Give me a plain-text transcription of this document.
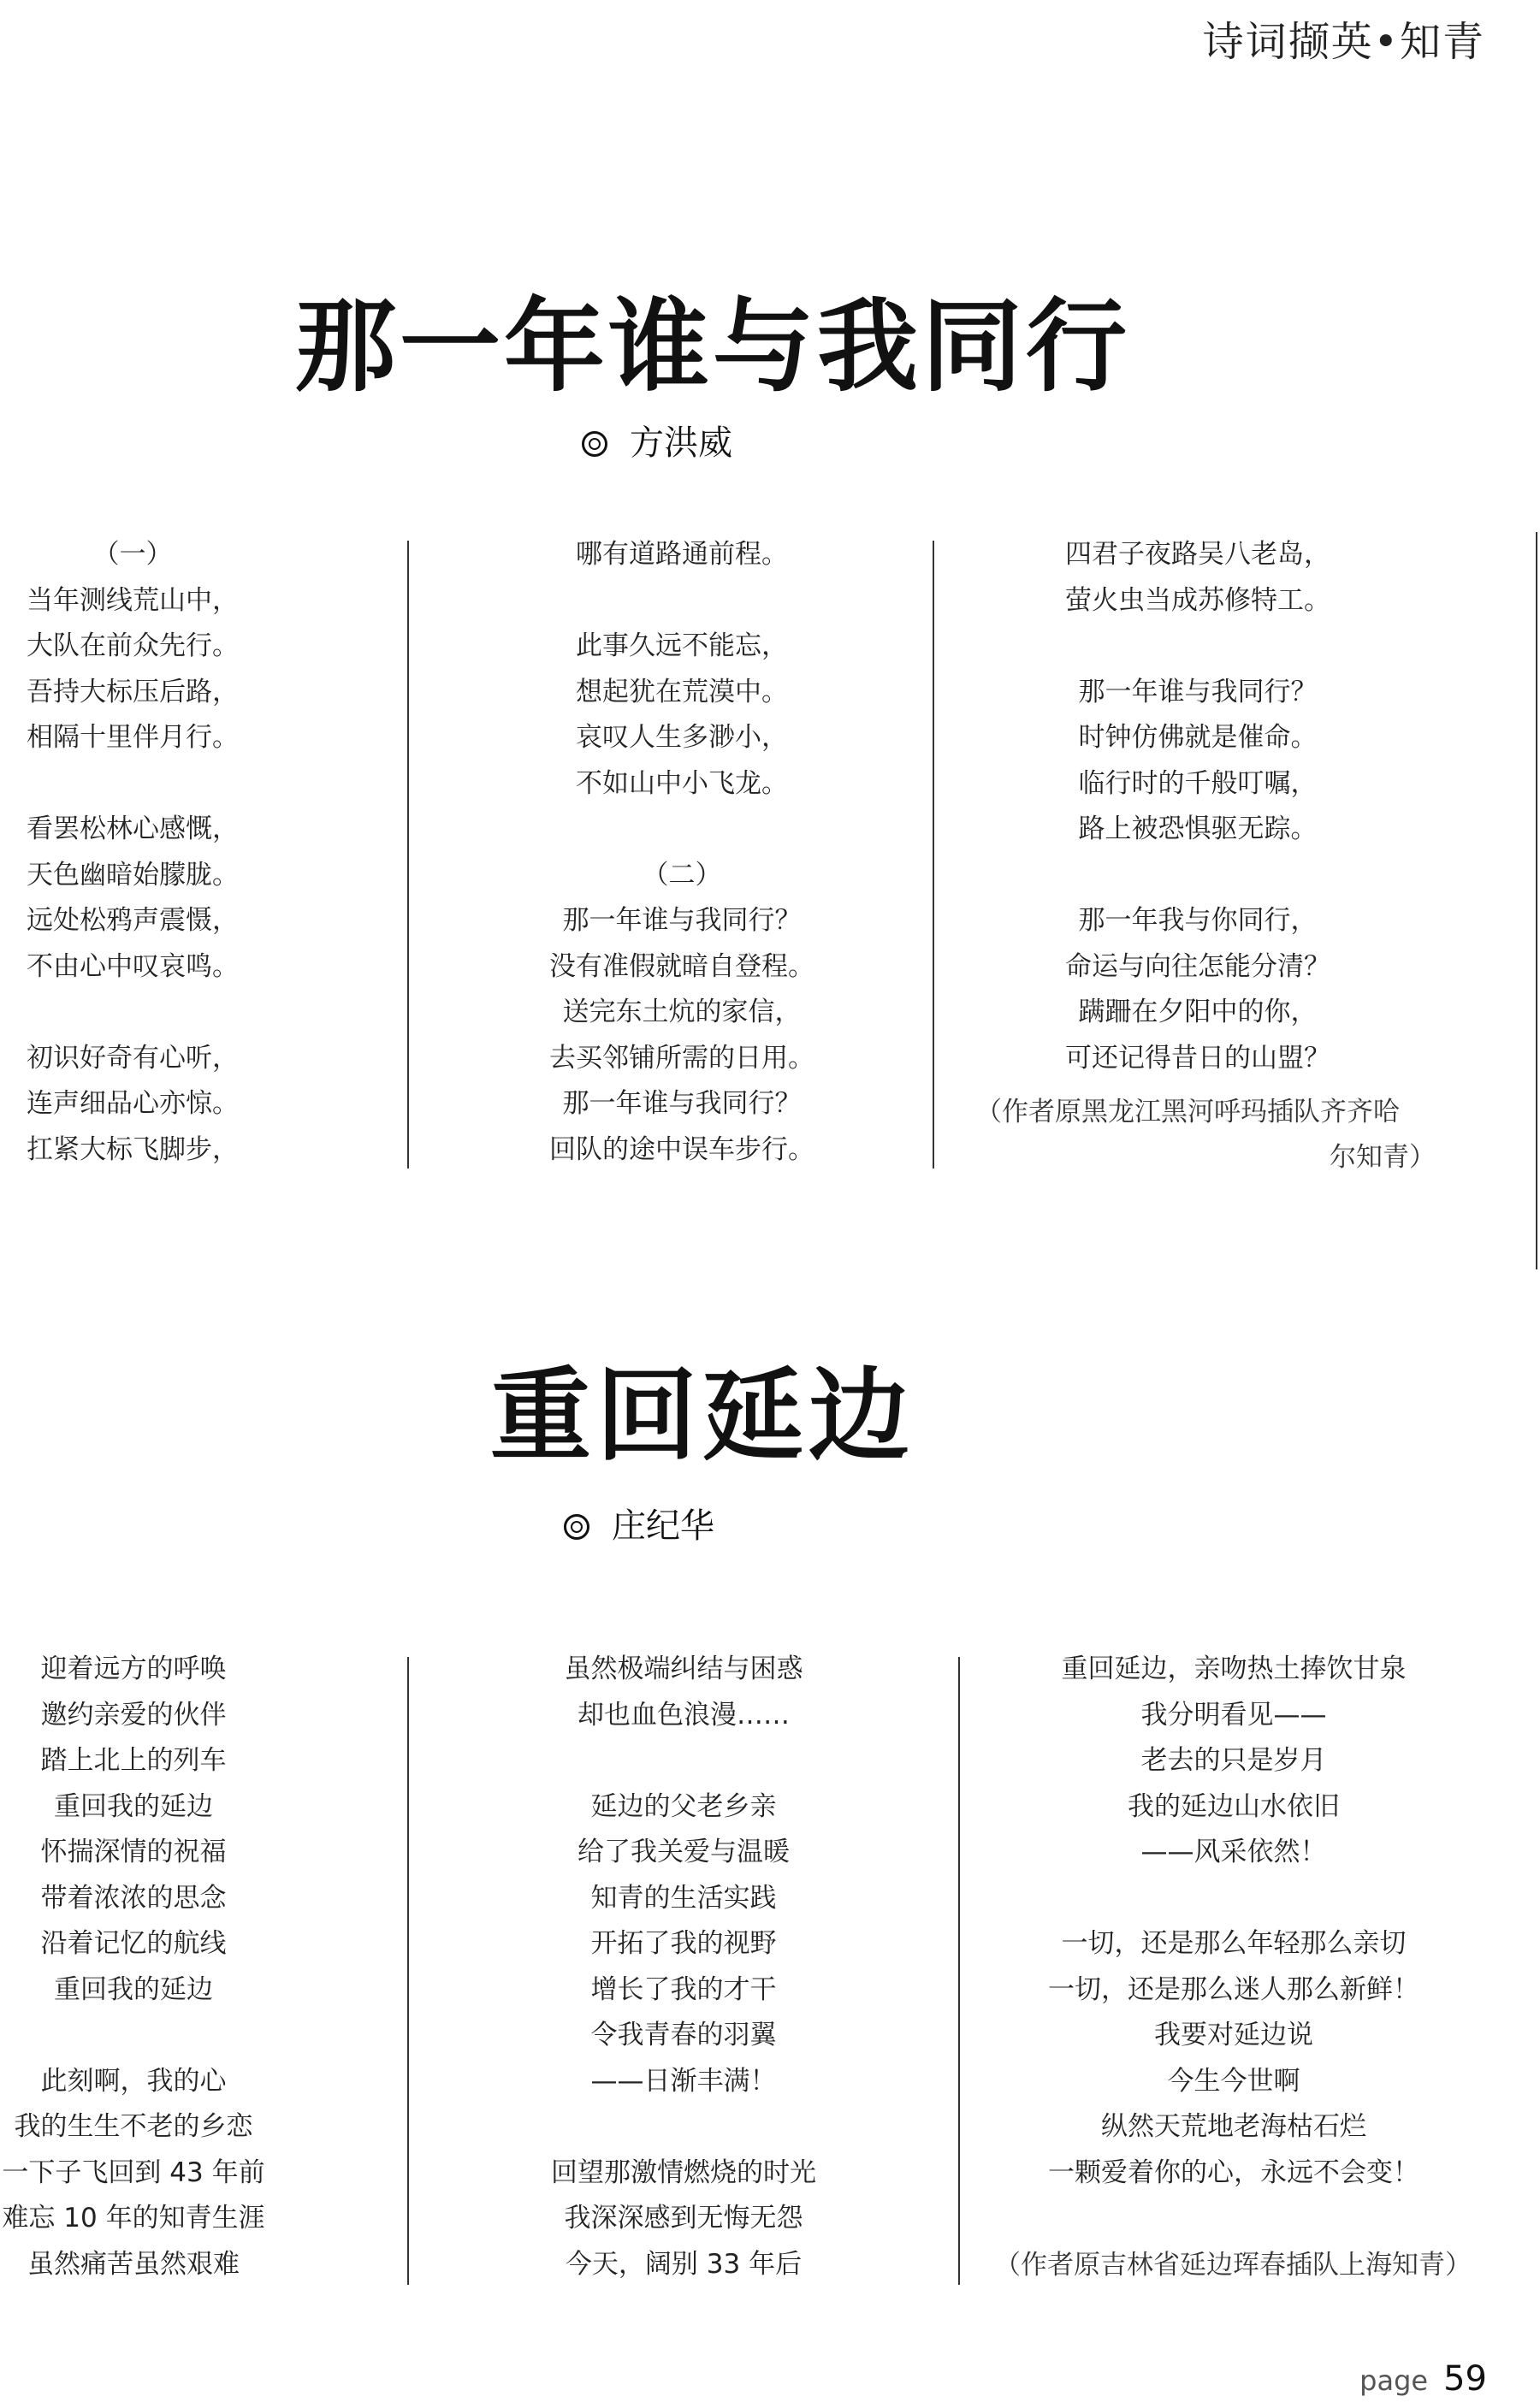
诗词撷英•知青
那一年谁与我同行
方洪威
（一）
当年测线荒山中，
大队在前众先行。
吾持大标压后路，
相隔十里伴月行。
看罢松林心感慨，
天色幽暗始朦胧。
远处松鸦声震慑，
不由心中叹哀鸣。
初识好奇有心听，
连声细品心亦惊。
扛紧大标飞脚步，
哪有道路通前程。
此事久远不能忘，
想起犹在荒漠中。
哀叹人生多渺小，
不如山中小飞龙。
（二）
那一年谁与我同行？
没有准假就暗自登程。
送完东土炕的家信，
去买邻铺所需的日用。
那一年谁与我同行？
回队的途中误车步行。
四君子夜路吴八老岛，
萤火虫当成苏修特工。
那一年谁与我同行？
时钟仿佛就是催命。
临行时的千般叮嘱，
路上被恐惧驱无踪。
那一年我与你同行，
命运与向往怎能分清？
蹒跚在夕阳中的你，
可还记得昔日的山盟？
（作者原黑龙江黑河呼玛插队齐齐哈
尔知青）
重回延边
庄纪华
迎着远方的呼唤
邀约亲爱的伙伴
踏上北上的列车
重回我的延边
怀揣深情的祝福
带着浓浓的思念
沿着记忆的航线
重回我的延边
此刻啊，我的心
我的生生不老的乡恋
一下子飞回到 43 年前
难忘 10 年的知青生涯
虽然痛苦虽然艰难
虽然极端纠结与困惑
却也血色浪漫……
延边的父老乡亲
给了我关爱与温暖
知青的生活实践
开拓了我的视野
增长了我的才干
令我青春的羽翼
——日渐丰满！
回望那激情燃烧的时光
我深深感到无悔无怨
今天，阔别 33 年后
重回延边，亲吻热土捧饮甘泉
我分明看见——
老去的只是岁月
我的延边山水依旧
——风采依然！
一切，还是那么年轻那么亲切
一切，还是那么迷人那么新鲜！
我要对延边说
今生今世啊
纵然天荒地老海枯石烂
一颗爱着你的心，永远不会变！
（作者原吉林省延边珲春插队上海知青）
page 59
